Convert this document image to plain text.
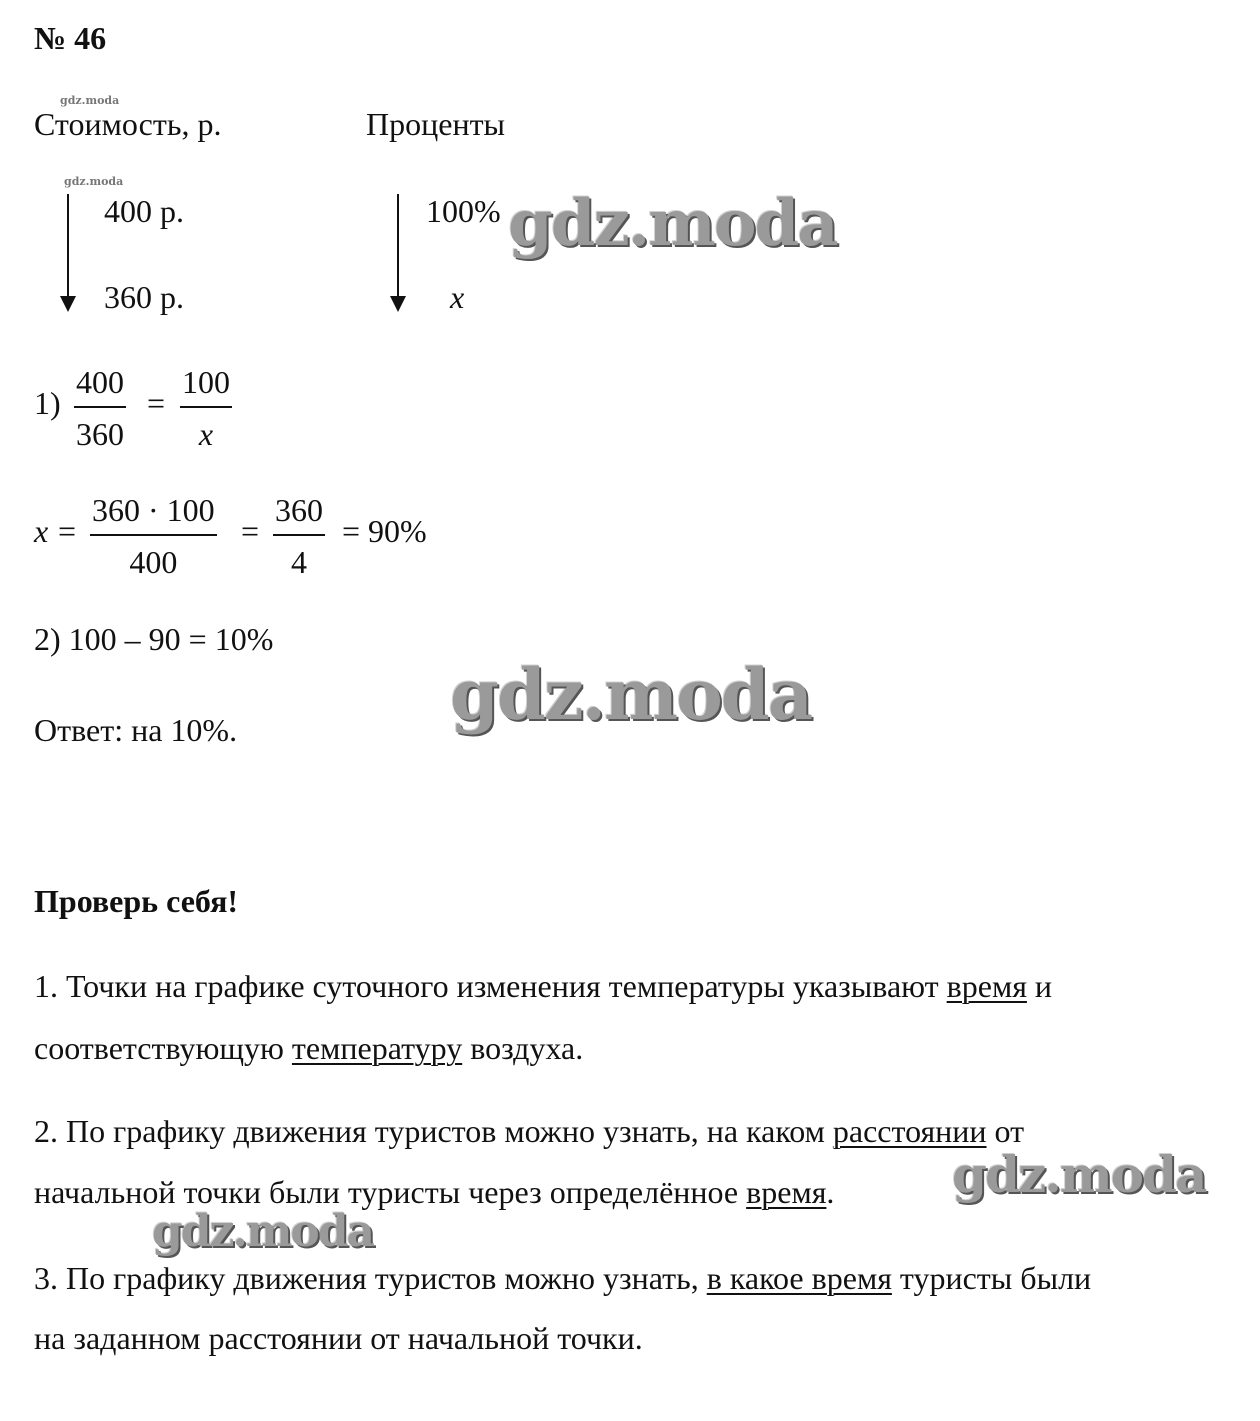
№ 46
gdz.moda
gdz.moda
Стоимость, р.	Проценты
400 р.
360 р.
100%
x
gdz.moda
1)
400
360
=
100
x
x =
360 · 100
400
=
360
4
= 90%
2) 100 – 90 = 10%
gdz.moda
Ответ: на 10%.
Проверь себя!
1. Точки на графике суточного изменения температуры указывают время и
соответствующую температуру воздуха.
2. По графику движения туристов можно узнать, на каком расстоянии от
начальной точки были туристы через определённое время. gdz.moda
gdz.moda
3. По графику движения туристов можно узнать, в какое время туристы были
на заданном расстоянии от начальной точки.
